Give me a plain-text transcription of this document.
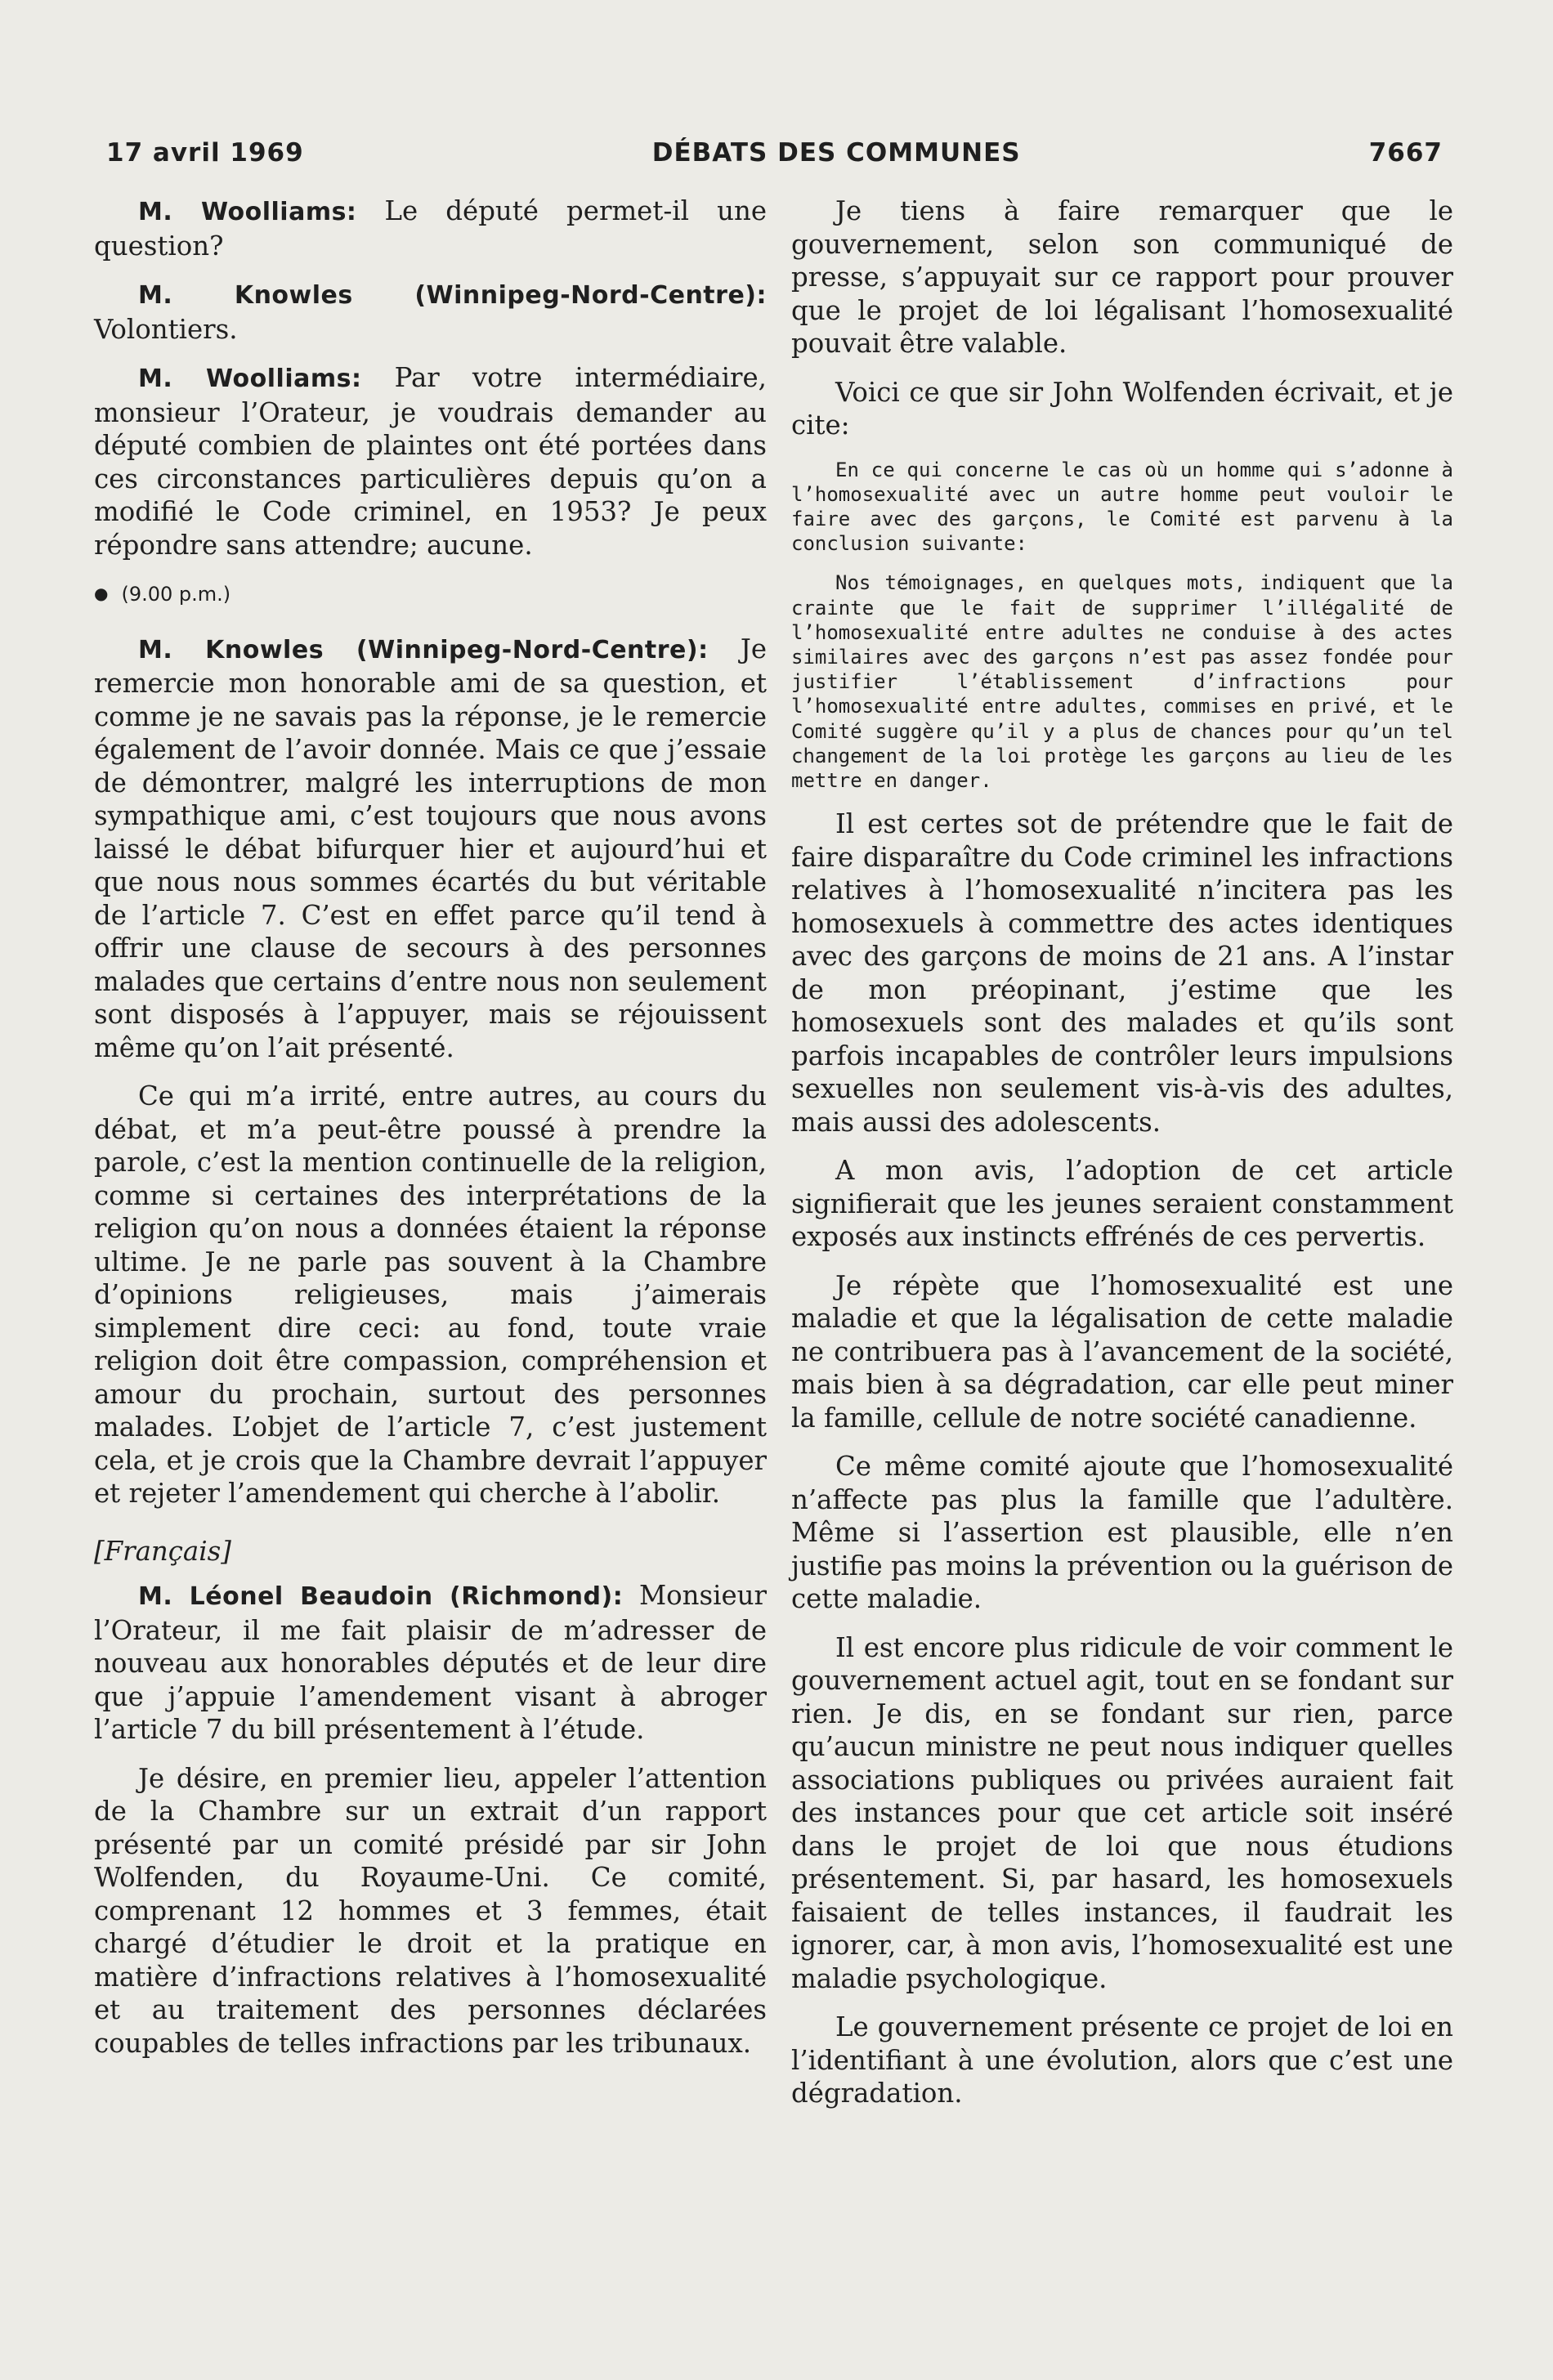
17 avril 1969	DÉBATS DES COMMUNES	7667

M. Woolliams: Le député permet-il une question?

M. Knowles (Winnipeg-Nord-Centre): Volontiers.

M. Woolliams: Par votre intermédiaire, monsieur l’Orateur, je voudrais demander au député combien de plaintes ont été portées dans ces circonstances particulières depuis qu’on a modifié le Code criminel, en 1953? Je peux répondre sans attendre; aucune.

● (9.00 p.m.)

M. Knowles (Winnipeg-Nord-Centre): Je remercie mon honorable ami de sa question, et comme je ne savais pas la réponse, je le remercie également de l’avoir donnée. Mais ce que j’essaie de démontrer, malgré les interruptions de mon sympathique ami, c’est toujours que nous avons laissé le débat bifurquer hier et aujourd’hui et que nous nous sommes écartés du but véritable de l’article 7. C’est en effet parce qu’il tend à offrir une clause de secours à des personnes malades que certains d’entre nous non seulement sont disposés à l’appuyer, mais se réjouissent même qu’on l’ait présenté.

Ce qui m’a irrité, entre autres, au cours du débat, et m’a peut-être poussé à prendre la parole, c’est la mention continuelle de la religion, comme si certaines des interprétations de la religion qu’on nous a données étaient la réponse ultime. Je ne parle pas souvent à la Chambre d’opinions religieuses, mais j’aimerais simplement dire ceci: au fond, toute vraie religion doit être compassion, compréhension et amour du prochain, surtout des personnes malades. L’objet de l’article 7, c’est justement cela, et je crois que la Chambre devrait l’appuyer et rejeter l’amendement qui cherche à l’abolir.

[Français]

M. Léonel Beaudoin (Richmond): Monsieur l’Orateur, il me fait plaisir de m’adresser de nouveau aux honorables députés et de leur dire que j’appuie l’amendement visant à abroger l’article 7 du bill présentement à l’étude.

Je désire, en premier lieu, appeler l’attention de la Chambre sur un extrait d’un rapport présenté par un comité présidé par sir John Wolfenden, du Royaume-Uni. Ce comité, comprenant 12 hommes et 3 femmes, était chargé d’étudier le droit et la pratique en matière d’infractions relatives à l’homosexualité et au traitement des personnes déclarées coupables de telles infractions par les tribunaux.

Je tiens à faire remarquer que le gouvernement, selon son communiqué de presse, s’appuyait sur ce rapport pour prouver que le projet de loi légalisant l’homosexualité pouvait être valable.

Voici ce que sir John Wolfenden écrivait, et je cite:

En ce qui concerne le cas où un homme qui s’adonne à l’homosexualité avec un autre homme peut vouloir le faire avec des garçons, le Comité est parvenu à la conclusion suivante:

Nos témoignages, en quelques mots, indiquent que la crainte que le fait de supprimer l’illégalité de l’homosexualité entre adultes ne conduise à des actes similaires avec des garçons n’est pas assez fondée pour justifier l’établissement d’infractions pour l’homosexualité entre adultes, commises en privé, et le Comité suggère qu’il y a plus de chances pour qu’un tel changement de la loi protège les garçons au lieu de les mettre en danger.

Il est certes sot de prétendre que le fait de faire disparaître du Code criminel les infractions relatives à l’homosexualité n’incitera pas les homosexuels à commettre des actes identiques avec des garçons de moins de 21 ans. A l’instar de mon préopinant, j’estime que les homosexuels sont des malades et qu’ils sont parfois incapables de contrôler leurs impulsions sexuelles non seulement vis-à-vis des adultes, mais aussi des adolescents.

A mon avis, l’adoption de cet article signifierait que les jeunes seraient constamment exposés aux instincts effrénés de ces pervertis.

Je répète que l’homosexualité est une maladie et que la légalisation de cette maladie ne contribuera pas à l’avancement de la société, mais bien à sa dégradation, car elle peut miner la famille, cellule de notre société canadienne.

Ce même comité ajoute que l’homosexualité n’affecte pas plus la famille que l’adultère. Même si l’assertion est plausible, elle n’en justifie pas moins la prévention ou la guérison de cette maladie.

Il est encore plus ridicule de voir comment le gouvernement actuel agit, tout en se fondant sur rien. Je dis, en se fondant sur rien, parce qu’aucun ministre ne peut nous indiquer quelles associations publiques ou privées auraient fait des instances pour que cet article soit inséré dans le projet de loi que nous étudions présentement. Si, par hasard, les homosexuels faisaient de telles instances, il faudrait les ignorer, car, à mon avis, l’homosexualité est une maladie psychologique.

Le gouvernement présente ce projet de loi en l’identifiant à une évolution, alors que c’est une dégradation.
